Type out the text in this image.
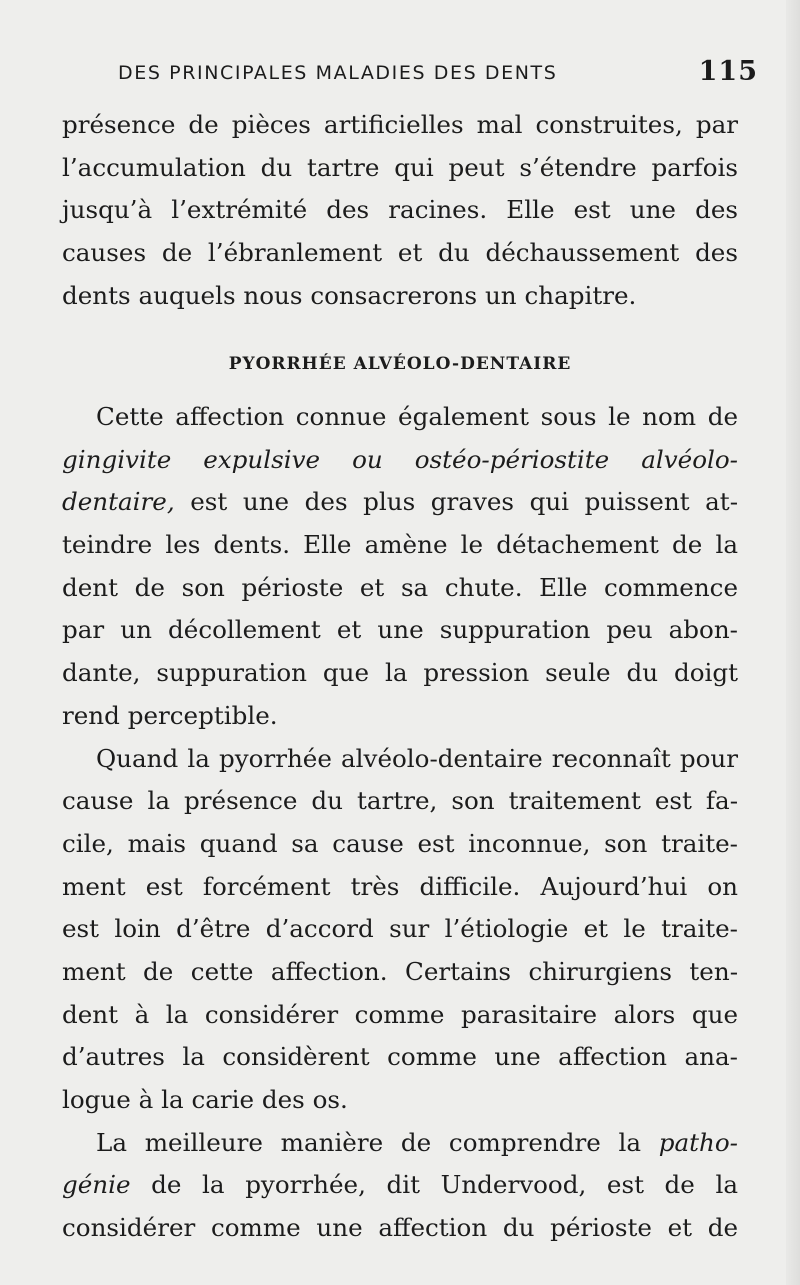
DES PRINCIPALES MALADIES DES DENTS	115
présence de pièces artificielles mal construites, par
l’accumulation du tartre qui peut s’étendre parfois
jusqu’à l’extrémité des racines. Elle est une des
causes de l’ébranlement et du déchaussement des
dents auquels nous consacrerons un chapitre.
PYORRHÉE ALVÉOLO-DENTAIRE
Cette affection connue également sous le nom de
gingivite expulsive ou ostéo-périostite alvéolo-
dentaire, est une des plus graves qui puissent at-
teindre les dents. Elle amène le détachement de la
dent de son périoste et sa chute. Elle commence
par un décollement et une suppuration peu abon-
dante, suppuration que la pression seule du doigt
rend perceptible.
Quand la pyorrhée alvéolo-dentaire reconnaît pour
cause la présence du tartre, son traitement est fa-
cile, mais quand sa cause est inconnue, son traite-
ment est forcément très difficile. Aujourd’hui on
est loin d’être d’accord sur l’étiologie et le traite-
ment de cette affection. Certains chirurgiens ten-
dent à la considérer comme parasitaire alors que
d’autres la considèrent comme une affection ana-
logue à la carie des os.
La meilleure manière de comprendre la patho-
génie de la pyorrhée, dit Undervood, est de la
considérer comme une affection du périoste et de
